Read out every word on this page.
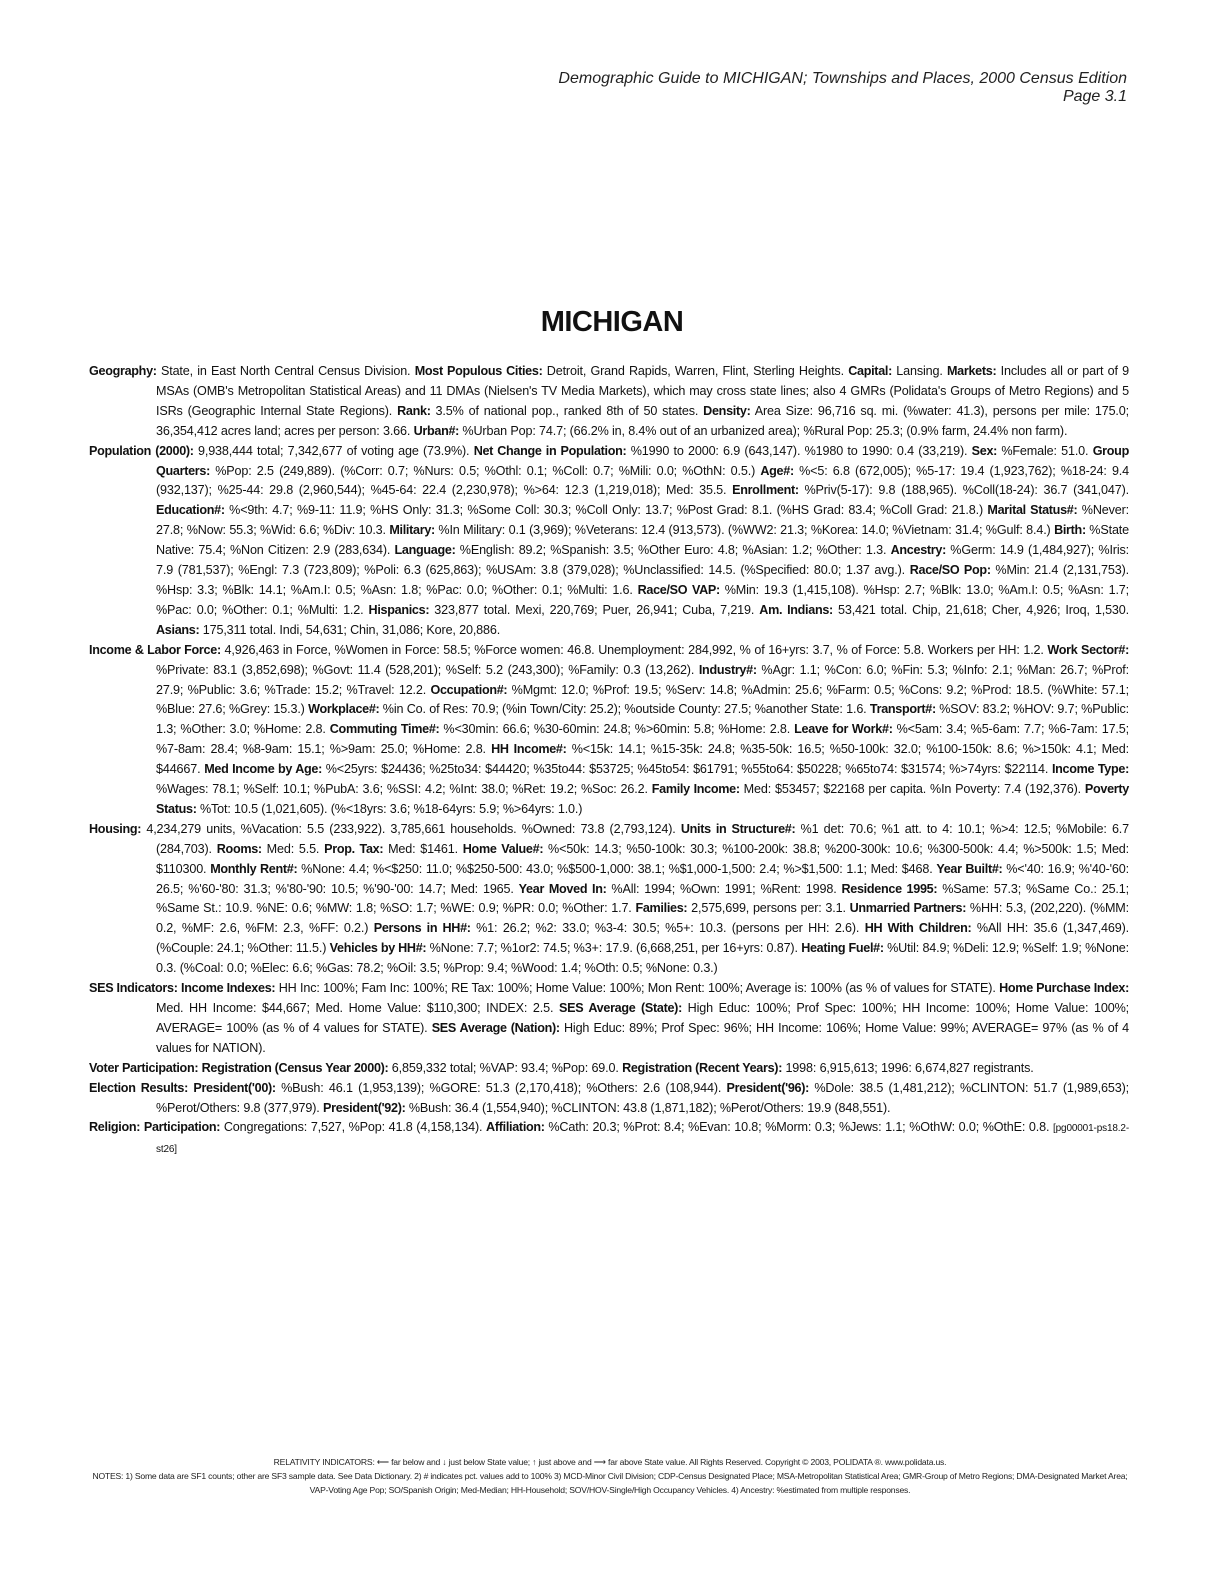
Demographic Guide to MICHIGAN; Townships and Places, 2000 Census Edition
Page 3.1
MICHIGAN

Geography: State, in East North Central Census Division. Most Populous Cities: Detroit, Grand Rapids, Warren, Flint, Sterling Heights. Capital: Lansing. Markets: Includes all or part of 9 MSAs (OMB's Metropolitan Statistical Areas) and 11 DMAs (Nielsen's TV Media Markets), which may cross state lines; also 4 GMRs (Polidata's Groups of Metro Regions) and 5 ISRs (Geographic Internal State Regions). Rank: 3.5% of national pop., ranked 8th of 50 states. Density: Area Size: 96,716 sq. mi. (%water: 41.3), persons per mile: 175.0; 36,354,412 acres land; acres per person: 3.66. Urban#: %Urban Pop: 74.7; (66.2% in, 8.4% out of an urbanized area); %Rural Pop: 25.3; (0.9% farm, 24.4% non farm).

Population (2000): 9,938,444 total; 7,342,677 of voting age (73.9%). Net Change in Population: %1990 to 2000: 6.9 (643,147). %1980 to 1990: 0.4 (33,219). Sex: %Female: 51.0. Group Quarters: %Pop: 2.5 (249,889). (%Corr: 0.7; %Nurs: 0.5; %Othl: 0.1; %Coll: 0.7; %Mili: 0.0; %OthN: 0.5.) Age#: %<5: 6.8 (672,005); %5-17: 19.4 (1,923,762); %18-24: 9.4 (932,137); %25-44: 29.8 (2,960,544); %45-64: 22.4 (2,230,978); %>64: 12.3 (1,219,018); Med: 35.5. Enrollment: %Priv(5-17): 9.8 (188,965). %Coll(18-24): 36.7 (341,047). Education#: %<9th: 4.7; %9-11: 11.9; %HS Only: 31.3; %Some Coll: 30.3; %Coll Only: 13.7; %Post Grad: 8.1. (%HS Grad: 83.4; %Coll Grad: 21.8.) Marital Status#: %Never: 27.8; %Now: 55.3; %Wid: 6.6; %Div: 10.3. Military: %In Military: 0.1 (3,969); %Veterans: 12.4 (913,573). (%WW2: 21.3; %Korea: 14.0; %Vietnam: 31.4; %Gulf: 8.4.) Birth: %State Native: 75.4; %Non Citizen: 2.9 (283,634). Language: %English: 89.2; %Spanish: 3.5; %Other Euro: 4.8; %Asian: 1.2; %Other: 1.3. Ancestry: %Germ: 14.9 (1,484,927); %Iris: 7.9 (781,537); %Engl: 7.3 (723,809); %Poli: 6.3 (625,863); %USAm: 3.8 (379,028); %Unclassified: 14.5. (%Specified: 80.0; 1.37 avg.). Race/SO Pop: %Min: 21.4 (2,131,753). %Hsp: 3.3; %Blk: 14.1; %Am.I: 0.5; %Asn: 1.8; %Pac: 0.0; %Other: 0.1; %Multi: 1.6. Race/SO VAP: %Min: 19.3 (1,415,108). %Hsp: 2.7; %Blk: 13.0; %Am.I: 0.5; %Asn: 1.7; %Pac: 0.0; %Other: 0.1; %Multi: 1.2. Hispanics: 323,877 total. Mexi, 220,769; Puer, 26,941; Cuba, 7,219. Am. Indians: 53,421 total. Chip, 21,618; Cher, 4,926; Iroq, 1,530. Asians: 175,311 total. Indi, 54,631; Chin, 31,086; Kore, 20,886.

Income & Labor Force: 4,926,463 in Force, %Women in Force: 58.5; %Force women: 46.8. Unemployment: 284,992, % of 16+yrs: 3.7, % of Force: 5.8. Workers per HH: 1.2. Work Sector#: %Private: 83.1 (3,852,698); %Govt: 11.4 (528,201); %Self: 5.2 (243,300); %Family: 0.3 (13,262). Industry#: %Agr: 1.1; %Con: 6.0; %Fin: 5.3; %Info: 2.1; %Man: 26.7; %Prof: 27.9; %Public: 3.6; %Trade: 15.2; %Travel: 12.2. Occupation#: %Mgmt: 12.0; %Prof: 19.5; %Serv: 14.8; %Admin: 25.6; %Farm: 0.5; %Cons: 9.2; %Prod: 18.5. (%White: 57.1; %Blue: 27.6; %Grey: 15.3.) Workplace#: %in Co. of Res: 70.9; (%in Town/City: 25.2); %outside County: 27.5; %another State: 1.6. Transport#: %SOV: 83.2; %HOV: 9.7; %Public: 1.3; %Other: 3.0; %Home: 2.8. Commuting Time#: %<30min: 66.6; %30-60min: 24.8; %>60min: 5.8; %Home: 2.8. Leave for Work#: %<5am: 3.4; %5-6am: 7.7; %6-7am: 17.5; %7-8am: 28.4; %8-9am: 15.1; %>9am: 25.0; %Home: 2.8. HH Income#: %<15k: 14.1; %15-35k: 24.8; %35-50k: 16.5; %50-100k: 32.0; %100-150k: 8.6; %>150k: 4.1; Med: $44667. Med Income by Age: %<25yrs: $24436; %25to34: $44420; %35to44: $53725; %45to54: $61791; %55to64: $50228; %65to74: $31574; %>74yrs: $22114. Income Type: %Wages: 78.1; %Self: 10.1; %PubA: 3.6; %SSI: 4.2; %Int: 38.0; %Ret: 19.2; %Soc: 26.2. Family Income: Med: $53457; $22168 per capita. %In Poverty: 7.4 (192,376). Poverty Status: %Tot: 10.5 (1,021,605). (%<18yrs: 3.6; %18-64yrs: 5.9; %>64yrs: 1.0.)

Housing: 4,234,279 units, %Vacation: 5.5 (233,922). 3,785,661 households. %Owned: 73.8 (2,793,124). Units in Structure#: %1 det: 70.6; %1 att. to 4: 10.1; %>4: 12.5; %Mobile: 6.7 (284,703). Rooms: Med: 5.5. Prop. Tax: Med: $1461. Home Value#: %<50k: 14.3; %50-100k: 30.3; %100-200k: 38.8; %200-300k: 10.6; %300-500k: 4.4; %>500k: 1.5; Med: $110300. Monthly Rent#: %None: 4.4; %<$250: 11.0; %$250-500: 43.0; %$500-1,000: 38.1; %$1,000-1,500: 2.4; %>$1,500: 1.1; Med: $468. Year Built#: %<'40: 16.9; %'40-'60: 26.5; %'60-'80: 31.3; %'80-'90: 10.5; %'90-'00: 14.7; Med: 1965. Year Moved In: %All: 1994; %Own: 1991; %Rent: 1998. Residence 1995: %Same: 57.3; %Same Co.: 25.1; %Same St.: 10.9. %NE: 0.6; %MW: 1.8; %SO: 1.7; %WE: 0.9; %PR: 0.0; %Other: 1.7. Families: 2,575,699, persons per: 3.1. Unmarried Partners: %HH: 5.3, (202,220). (%MM: 0.2, %MF: 2.6, %FM: 2.3, %FF: 0.2.) Persons in HH#: %1: 26.2; %2: 33.0; %3-4: 30.5; %5+: 10.3. (persons per HH: 2.6). HH With Children: %All HH: 35.6 (1,347,469). (%Couple: 24.1; %Other: 11.5.) Vehicles by HH#: %None: 7.7; %1or2: 74.5; %3+: 17.9. (6,668,251, per 16+yrs: 0.87). Heating Fuel#: %Util: 84.9; %Deli: 12.9; %Self: 1.9; %None: 0.3. (%Coal: 0.0; %Elec: 6.6; %Gas: 78.2; %Oil: 3.5; %Prop: 9.4; %Wood: 1.4; %Oth: 0.5; %None: 0.3.)

SES Indicators: Income Indexes: HH Inc: 100%; Fam Inc: 100%; RE Tax: 100%; Home Value: 100%; Mon Rent: 100%; Average is: 100% (as % of values for STATE). Home Purchase Index: Med. HH Income: $44,667; Med. Home Value: $110,300; INDEX: 2.5. SES Average (State): High Educ: 100%; Prof Spec: 100%; HH Income: 100%; Home Value: 100%; AVERAGE= 100% (as % of 4 values for STATE). SES Average (Nation): High Educ: 89%; Prof Spec: 96%; HH Income: 106%; Home Value: 99%; AVERAGE= 97% (as % of 4 values for NATION).

Voter Participation: Registration (Census Year 2000): 6,859,332 total; %VAP: 93.4; %Pop: 69.0. Registration (Recent Years): 1998: 6,915,613; 1996: 6,674,827 registrants.

Election Results: President('00): %Bush: 46.1 (1,953,139); %GORE: 51.3 (2,170,418); %Others: 2.6 (108,944). President('96): %Dole: 38.5 (1,481,212); %CLINTON: 51.7 (1,989,653); %Perot/Others: 9.8 (377,979). President('92): %Bush: 36.4 (1,554,940); %CLINTON: 43.8 (1,871,182); %Perot/Others: 19.9 (848,551).

Religion: Participation: Congregations: 7,527, %Pop: 41.8 (4,158,134). Affiliation: %Cath: 20.3; %Prot: 8.4; %Evan: 10.8; %Morm: 0.3; %Jews: 1.1; %OthW: 0.0; %OthE: 0.8. [pg00001-ps18.2-st26]

RELATIVITY INDICATORS: ⟵ far below and ↓ just below State value; ↑ just above and ⟶ far above State value. All Rights Reserved. Copyright © 2003, POLIDATA ®. www.polidata.us.
NOTES: 1) Some data are SF1 counts; other are SF3 sample data. See Data Dictionary. 2) # indicates pct. values add to 100% 3) MCD-Minor Civil Division; CDP-Census Designated Place; MSA-Metropolitan Statistical Area; GMR-Group of Metro Regions; DMA-Designated Market Area; VAP-Voting Age Pop; SO/Spanish Origin; Med-Median; HH-Household; SOV/HOV-Single/High Occupancy Vehicles. 4) Ancestry: %estimated from multiple responses.
